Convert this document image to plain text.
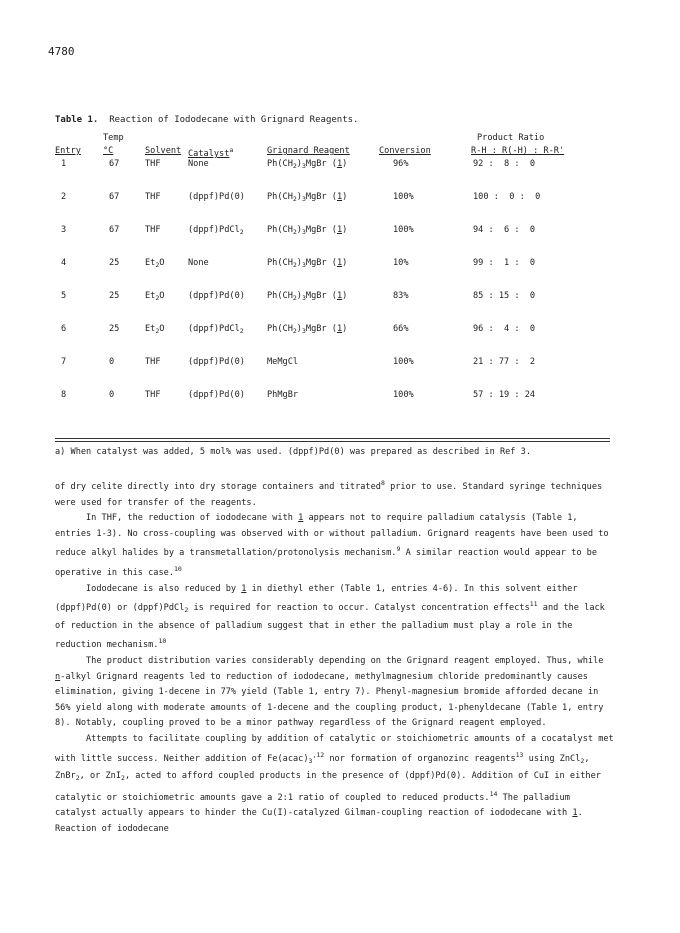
4780
Table 1. Reaction of Iododecane with Grignard Reagents.
	Temp					Product Ratio
Entry	°C	Solvent	Catalyst$^a$	Grignard Reagent	Conversion	R-H : R(-H) : R-R'
1	67	THF	None	$Ph(CH_2)_3MgBr$ (1)	96%	92 :  8 :  0
2	67	THF	(dppf)Pd(0)	$Ph(CH_2)_3MgBr$ (1)	100%	100 :  0 :  0
3	67	THF	(dppf)PdCl$_2$	$Ph(CH_2)_3MgBr$ (1)	100%	94 :  6 :  0
4	25	$Et_2O$	None	$Ph(CH_2)_3MgBr$ (1)	10%	99 :  1 :  0
5	25	$Et_2O$	(dppf)Pd(0)	$Ph(CH_2)_3MgBr$ (1)	83%	85 : 15 :  0
6	25	$Et_2O$	(dppf)PdCl$_2$	$Ph(CH_2)_3MgBr$ (1)	66%	96 :  4 :  0
7	0	THF	(dppf)Pd(0)	MeMgCl	100%	21 : 77 :  2
8	0	THF	(dppf)Pd(0)	PhMgBr	100%	57 : 19 : 24
a) When catalyst was added, 5 mol% was used. (dppf)Pd(0) was prepared as described in Ref 3.

of dry celite directly into dry storage containers and titrated$^8$ prior to use. Standard syringe techniques were used for transfer of the reagents.

In THF, the reduction of iododecane with 1 appears not to require palladium catalysis (Table 1, entries 1-3). No cross-coupling was observed with or without palladium. Grignard reagents have been used to reduce alkyl halides by a transmetallation/protonolysis mechanism.$^9$ A similar reaction would appear to be operative in this case.$^{10}$

Iododecane is also reduced by 1 in diethyl ether (Table 1, entries 4-6). In this solvent either (dppf)Pd(0) or (dppf)PdCl$_2$ is required for reaction to occur. Catalyst concentration effects$^{11}$ and the lack of reduction in the absence of palladium suggest that in ether the palladium must play a role in the reduction mechanism.$^{10}$

The product distribution varies considerably depending on the Grignard reagent employed. Thus, while n-alkyl Grignard reagents led to reduction of iododecane, methylmagnesium chloride predominantly causes elimination, giving 1-decene in 77% yield (Table 1, entry 7). Phenyl-magnesium bromide afforded decane in 56% yield along with moderate amounts of 1-decene and the coupling product, 1-phenyldecane (Table 1, entry 8). Notably, coupling proved to be a minor pathway regardless of the Grignard reagent employed.

Attempts to facilitate coupling by addition of catalytic or stoichiometric amounts of a cocatalyst met with little success. Neither addition of $Fe(acac)_3^{,12}$ nor formation of organozinc reagents$^{13}$ using ZnCl$_2$, ZnBr$_2$, or ZnI$_2$, acted to afford coupled products in the presence of (dppf)Pd(0). Addition of CuI in either catalytic or stoichiometric amounts gave a 2:1 ratio of coupled to reduced products.$^{14}$ The palladium catalyst actually appears to hinder the Cu(I)-catalyzed Gilman-coupling reaction of iododecane with 1. Reaction of iododecane
